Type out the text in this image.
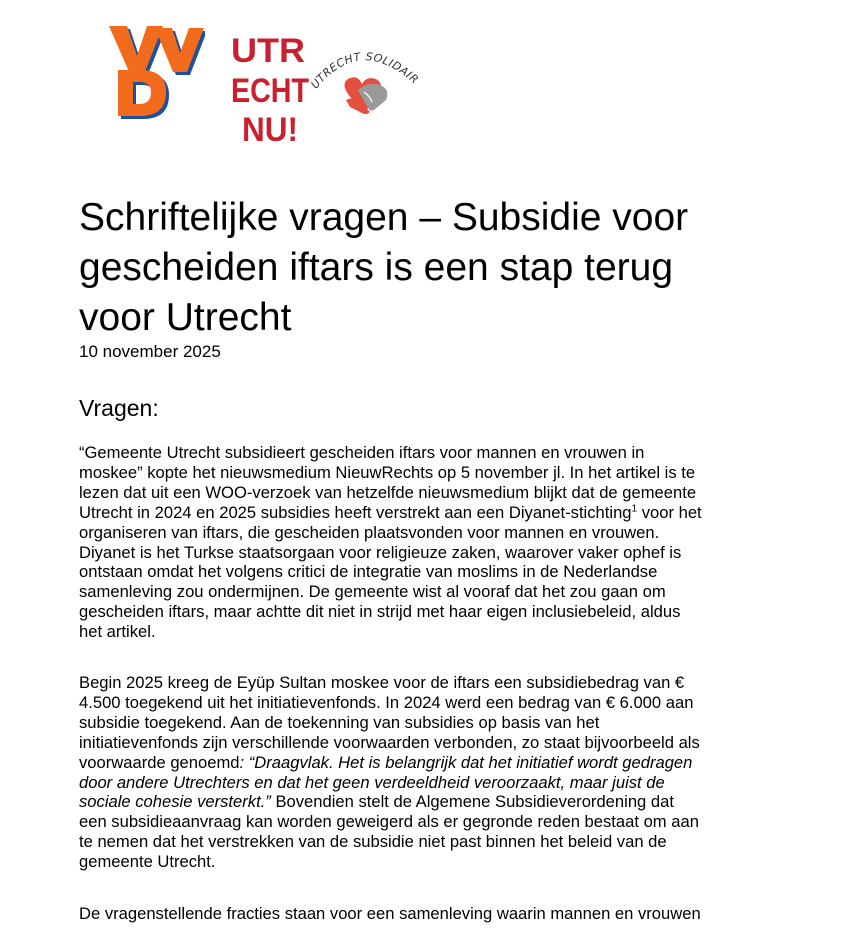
UTR
ECHT
NU!
UTRECHT SOLIDAIR
Schriftelijke vragen – Subsidie voor
gescheiden iftars is een stap terug
voor Utrecht

10 november 2025

Vragen:

“Gemeente Utrecht subsidieert gescheiden iftars voor mannen en vrouwen in
moskee” kopte het nieuwsmedium NieuwRechts op 5 november jl. In het artikel is te
lezen dat uit een WOO-verzoek van hetzelfde nieuwsmedium blijkt dat de gemeente
Utrecht in 2024 en 2025 subsidies heeft verstrekt aan een Diyanet-stichting$^1$ voor het
organiseren van iftars, die gescheiden plaatsvonden voor mannen en vrouwen.
Diyanet is het Turkse staatsorgaan voor religieuze zaken, waarover vaker ophef is
ontstaan omdat het volgens critici de integratie van moslims in de Nederlandse
samenleving zou ondermijnen. De gemeente wist al vooraf dat het zou gaan om
gescheiden iftars, maar achtte dit niet in strijd met haar eigen inclusiebeleid, aldus
het artikel.

Begin 2025 kreeg de Eyüp Sultan moskee voor de iftars een subsidiebedrag van €
4.500 toegekend uit het initiatievenfonds. In 2024 werd een bedrag van € 6.000 aan
subsidie toegekend. Aan de toekenning van subsidies op basis van het
initiatievenfonds zijn verschillende voorwaarden verbonden, zo staat bijvoorbeeld als
voorwaarde genoemd: “Draagvlak. Het is belangrijk dat het initiatief wordt gedragen
door andere Utrechters en dat het geen verdeeldheid veroorzaakt, maar juist de
sociale cohesie versterkt.” Bovendien stelt de Algemene Subsidieverordening dat
een subsidieaanvraag kan worden geweigerd als er gegronde reden bestaat om aan
te nemen dat het verstrekken van de subsidie niet past binnen het beleid van de
gemeente Utrecht.

De vragenstellende fracties staan voor een samenleving waarin mannen en vrouwen
